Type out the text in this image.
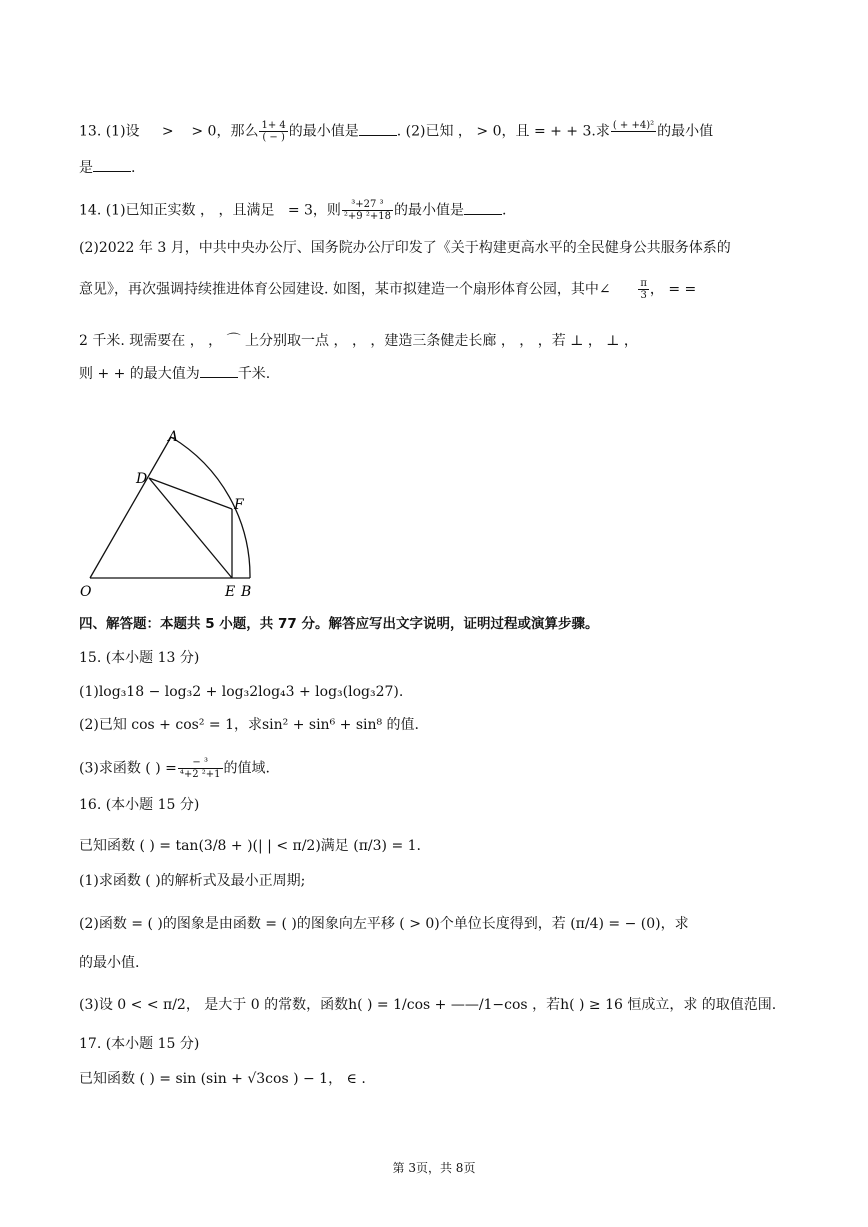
13. (1)设 > > 0，那么 $\frac{1+ 4}{( - )}$ 的最小值是	. (2)已知 ， > 0，且 = + + 3.求 ( + +4)²
的最小值
是	.
14. (1)已知正实数 ， ，且满足 = 3，则 $\frac{\text{³+27 ³}}{\text{²+9 ²+18}}$ 的最小值是	.
(2)2022 年 3 月，中共中央办公厅、国务院办公厅印发了《关于构建更高水平的全民健身公共服务体系的
意见》，再次强调持续推进体育公园建设. 如图，某市拟建造一个扇形体育公园，其中∠	$\frac{\pi}{3}$ ， = =
2 千米. 现需要在 ， ， ⌒ 上分别取一点 ， ， ，建造三条健走长廊 ， ， ，若 ⊥ ， ⊥ ，
则 + + 的最大值为	千米.
A
D
F
O	E B
四、解答题：本题共 5 小题，共 77 分。解答应写出文字说明，证明过程或演算步骤。
15. (本小题 13 分)
(1)log₃18 − log₃2 + log₃2log₄3 + log₃(log₃27).
(2)已知 cos + cos² = 1，求sin² + sin⁶ + sin⁸ 的值.
(3)求函数 ( ) = $\frac{\text{− ³}}{\text{⁴+2 ²+1}}$ 的值域.
16. (本小题 15 分)
已知函数 ( ) = tan(3/8 + )(| | < π/2)满足 (π/3) = 1.
(1)求函数 ( )的解析式及最小正周期;
(2)函数 = ( )的图象是由函数 = ( )的图象向左平移 ( > 0)个单位长度得到，若 (π/4) = − (0)，求
的最小值.
(3)设 0 < < π/2， 是大于 0 的常数，函数h( ) = 1/cos + ——/1−cos ，若h( ) ≥ 16 恒成立，求 的取值范围.
17. (本小题 15 分)
已知函数 ( ) = sin (sin + √3cos ) − 1， ∈ .
第 3页，共 8页
